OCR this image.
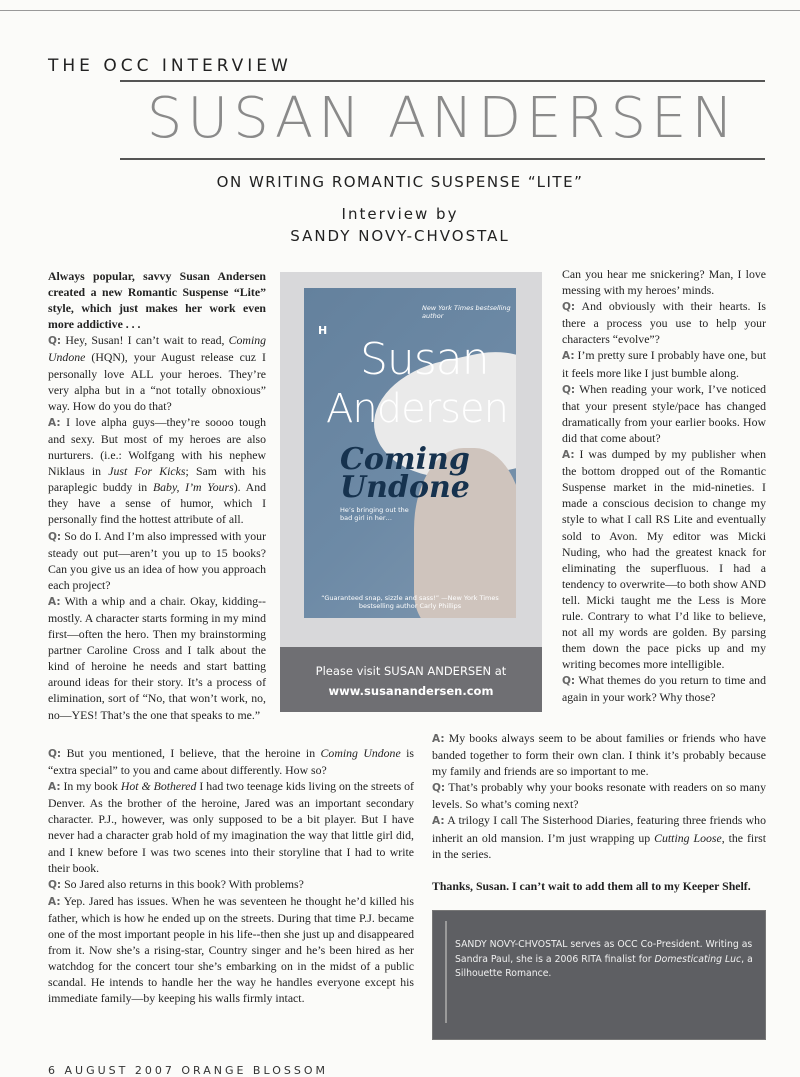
THE OCC INTERVIEW
SUSAN ANDERSEN
ON WRITING ROMANTIC SUSPENSE “LITE”
Interview by
SANDY NOVY-CHVOSTAL

Always popular, savvy Susan Andersen created a new Romantic Suspense “Lite” style, which just makes her work even more addictive . . .

Q: Hey, Susan! I can’t wait to read, Coming Undone (HQN), your August release cuz I personally love ALL your heroes. They’re very alpha but in a “not totally obnoxious” way. How do you do that?

A: I love alpha guys—they’re soooo tough and sexy. But most of my heroes are also nurturers. (i.e.: Wolfgang with his nephew Niklaus in Just For Kicks; Sam with his paraplegic buddy in Baby, I’m Yours). And they have a sense of humor, which I personally find the hottest attribute of all.

Q: So do I. And I’m also impressed with your steady out put—aren’t you up to 15 books? Can you give us an idea of how you approach each project?

A: With a whip and a chair. Okay, kidding--mostly. A character starts forming in my mind first—often the hero. Then my brainstorming partner Caroline Cross and I talk about the kind of heroine he needs and start batting around ideas for their story. It’s a process of elimination, sort of “No, that won’t work, no, no—YES! That’s the one that speaks to me.”

H
New York Times bestselling author
Susan
Andersen
Coming Undone
He’s bringing out the bad girl in her…
“Guaranteed snap, sizzle and sass!” —New York Times bestselling author Carly Phillips
Please visit SUSAN ANDERSEN at
www.susanandersen.com

Q: But you mentioned, I believe, that the heroine in Coming Undone is “extra special” to you and came about differently. How so?

A: In my book Hot & Bothered I had two teenage kids living on the streets of Denver. As the brother of the heroine, Jared was an important secondary character. P.J., however, was only supposed to be a bit player. But I have never had a character grab hold of my imagination the way that little girl did, and I knew before I was two scenes into their storyline that I had to write their book.

Q: So Jared also returns in this book? With problems?

A: Yep. Jared has issues. When he was seventeen he thought he’d killed his father, which is how he ended up on the streets. During that time P.J. became one of the most important people in his life--then she just up and disappeared from it. Now she’s a rising-star, Country singer and he’s been hired as her watchdog for the concert tour she’s embarking on in the midst of a public scandal. He intends to handle her the way he handles everyone except his immediate family—by keeping his walls firmly intact.

Can you hear me snickering? Man, I love messing with my heroes’ minds.

Q: And obviously with their hearts. Is there a process you use to help your characters “evolve”?

A: I’m pretty sure I probably have one, but it feels more like I just bumble along.

Q: When reading your work, I’ve noticed that your present style/pace has changed dramatically from your earlier books. How did that come about?

A: I was dumped by my publisher when the bottom dropped out of the Romantic Suspense market in the mid-nineties. I made a conscious decision to change my style to what I call RS Lite and eventually sold to Avon. My editor was Micki Nuding, who had the greatest knack for eliminating the superfluous. I had a tendency to overwrite—to both show AND tell. Micki taught me the Less is More rule. Contrary to what I’d like to believe, not all my words are golden. By parsing them down the pace picks up and my writing becomes more intelligible.

Q: What themes do you return to time and again in your work? Why those?

A: My books always seem to be about families or friends who have banded together to form their own clan. I think it’s probably because my family and friends are so important to me.

Q: That’s probably why your books resonate with readers on so many levels. So what’s coming next?

A: A trilogy I call The Sisterhood Diaries, featuring three friends who inherit an old mansion. I’m just wrapping up Cutting Loose, the first in the series.

Thanks, Susan. I can’t wait to add them all to my Keeper Shelf.

SANDY NOVY-CHVOSTAL serves as OCC Co-President. Writing as Sandra Paul, she is a 2006 RITA finalist for Domesticating Luc, a Silhouette Romance.
6 AUGUST 2007 ORANGE BLOSSOM
